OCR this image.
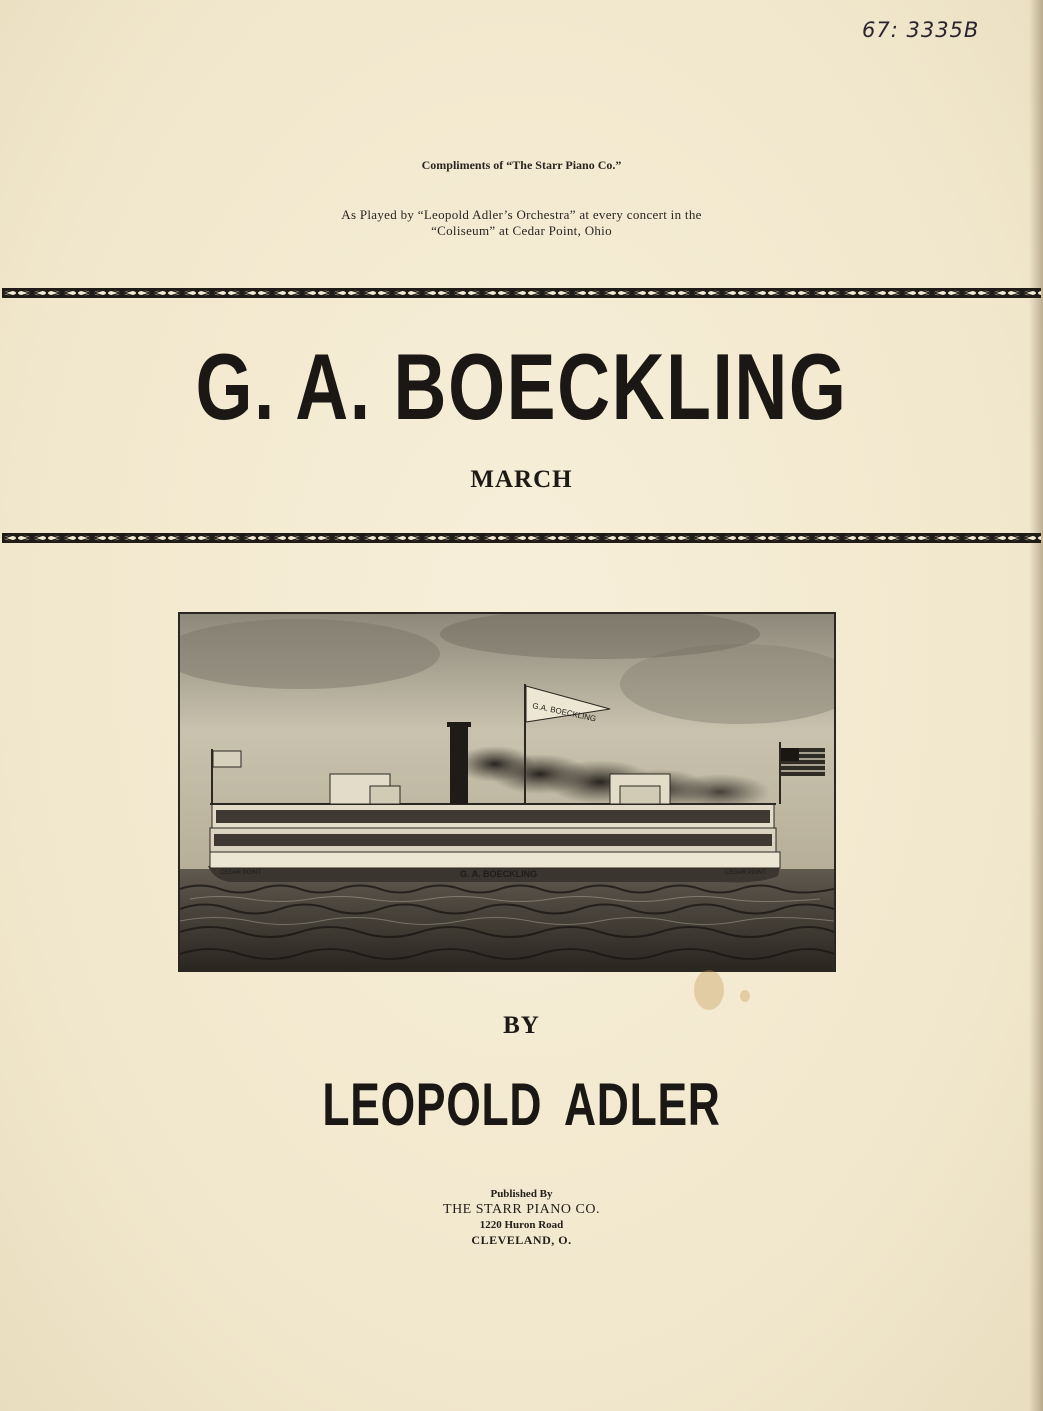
67: 3335B
Compliments of “The Starr Piano Co.”
As Played by “Leopold Adler’s Orchestra” at every concert in the
“Coliseum” at Cedar Point, Ohio
G. A. BOECKLING
MARCH
G.A. BOECKLING
G. A. BOECKLING
CEDAR POINT	CEDAR POINT
BY
LEOPOLD ADLER
Published By
THE STARR PIANO CO.
1220 Huron Road
CLEVELAND, O.
